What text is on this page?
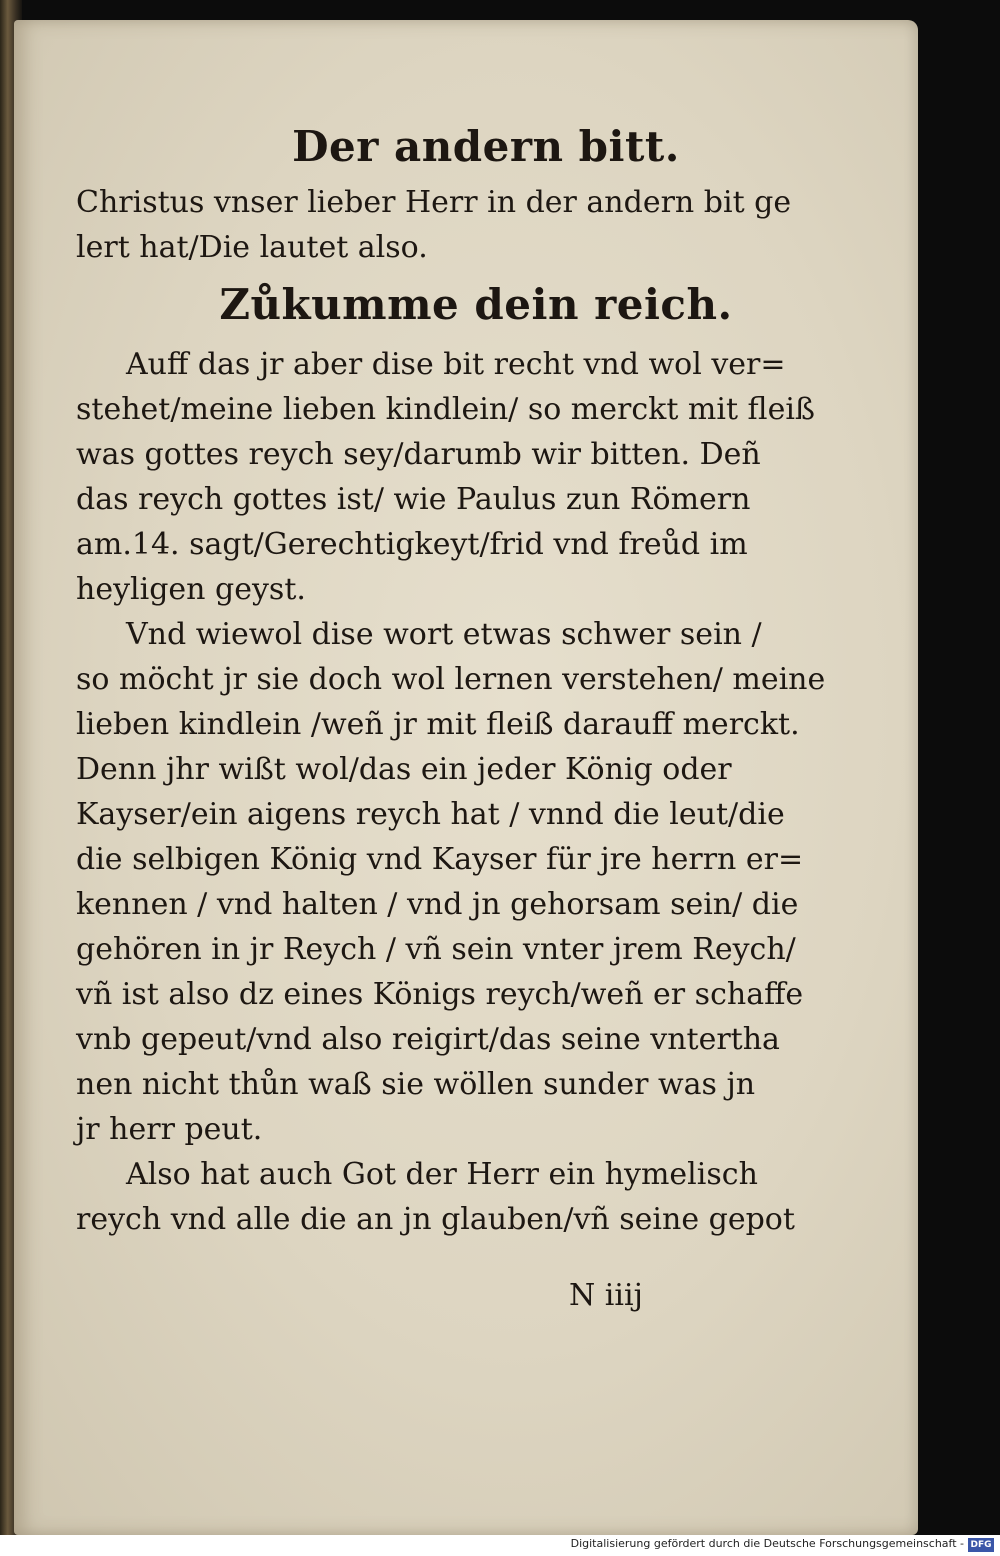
Der andern bitt.
Christus vnser lieber Herr in der andern bit ge
lert hat/Die lautet also.
Zůkumme dein reich.
Auff das jr aber dise bit recht vnd wol ver=
stehet/meine lieben kindlein/ so merckt mit fleiß
was gottes reych sey/darumb wir bitten. Deñ
das reych gottes ist/ wie Paulus zun Römern
am.14. sagt/Gerechtigkeyt/frid vnd freůd im
heyligen geyst.
Vnd wiewol dise wort etwas schwer sein /
so möcht jr sie doch wol lernen verstehen/ meine
lieben kindlein /weñ jr mit fleiß darauff merckt.
Denn jhr wißt wol/das ein jeder König oder
Kayser/ein aigens reych hat / vnnd die leut/die
die selbigen König vnd Kayser für jre herrn er=
kennen / vnd halten / vnd jn gehorsam sein/ die
gehören in jr Reych / vñ sein vnter jrem Reych/
vñ ist also dz eines Königs reych/weñ er schaffe
vnb gepeut/vnd also reigirt/das seine vntertha
nen nicht thůn waß sie wöllen sunder was jn
jr herr peut.
Also hat auch Got der Herr ein hymelisch
reych vnd alle die an jn glauben/vñ seine gepot
N iiij
Digitalisierung gefördert durch die Deutsche Forschungsgemeinschaft - DFG
